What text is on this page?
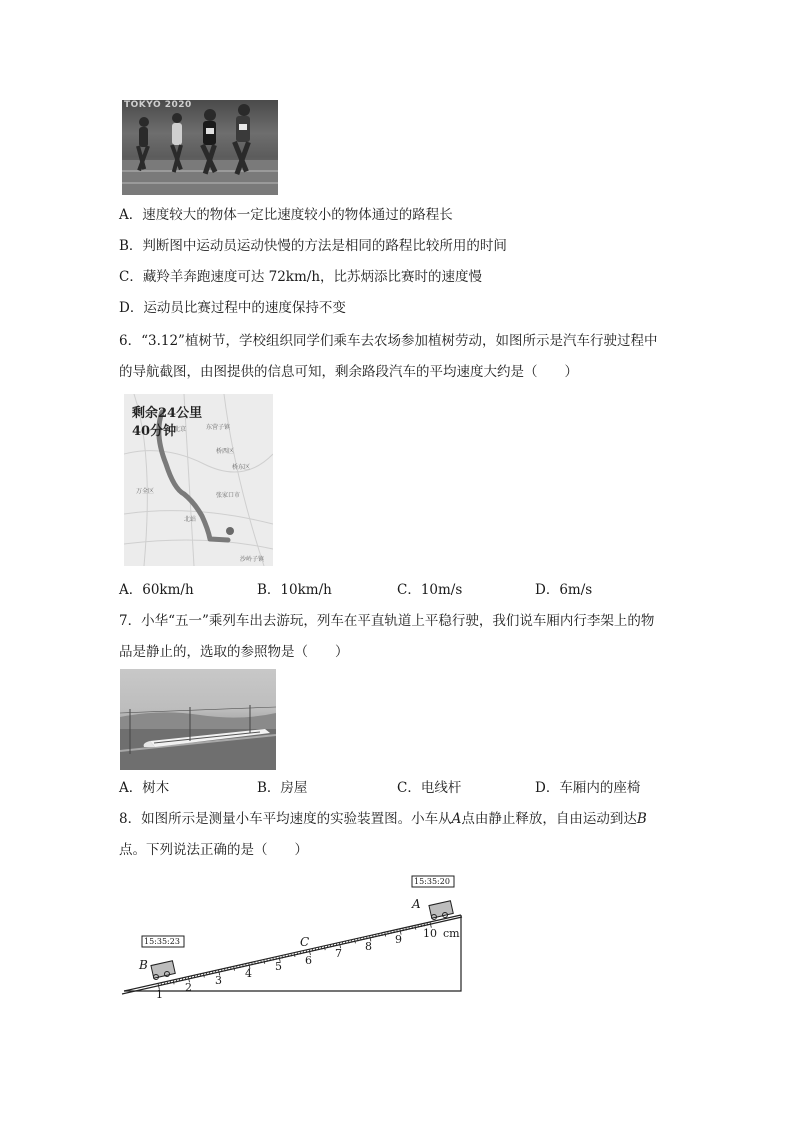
TOKYO 2020
A．速度较大的物体一定比速度较小的物体通过的路程长
B．判断图中运动员运动快慢的方法是相同的路程比较所用的时间
C．藏羚羊奔跑速度可达 72km/h，比苏炳添比赛时的速度慢
D．运动员比赛过程中的速度保持不变
6．“3.12”植树节，学校组织同学们乘车去农场参加植树劳动，如图所示是汽车行驶过程中
的导航截图，由图提供的信息可知，剩余路段汽车的平均速度大约是（　　）
剩余24公里
40分钟	东营子镇
桥西区
桥东区
万全区
张家口市
沙岭子镇
北京
北站
A．60km/h	B．10km/h	C．10m/s	D．6m/s
7．小华“五一”乘列车出去游玩，列车在平直轨道上平稳行驶，我们说车厢内行李架上的物
品是静止的，选取的参照物是（　　）
A．树木	B．房屋	C．电线杆	D．车厢内的座椅
8．如图所示是测量小车平均速度的实验装置图。小车从A点由静止释放，自由运动到达B
点。下列说法正确的是（　　）
15:35:20
15:35:23
A
B
C
1
2
3
4
5 6
7
8
9 10 cm
